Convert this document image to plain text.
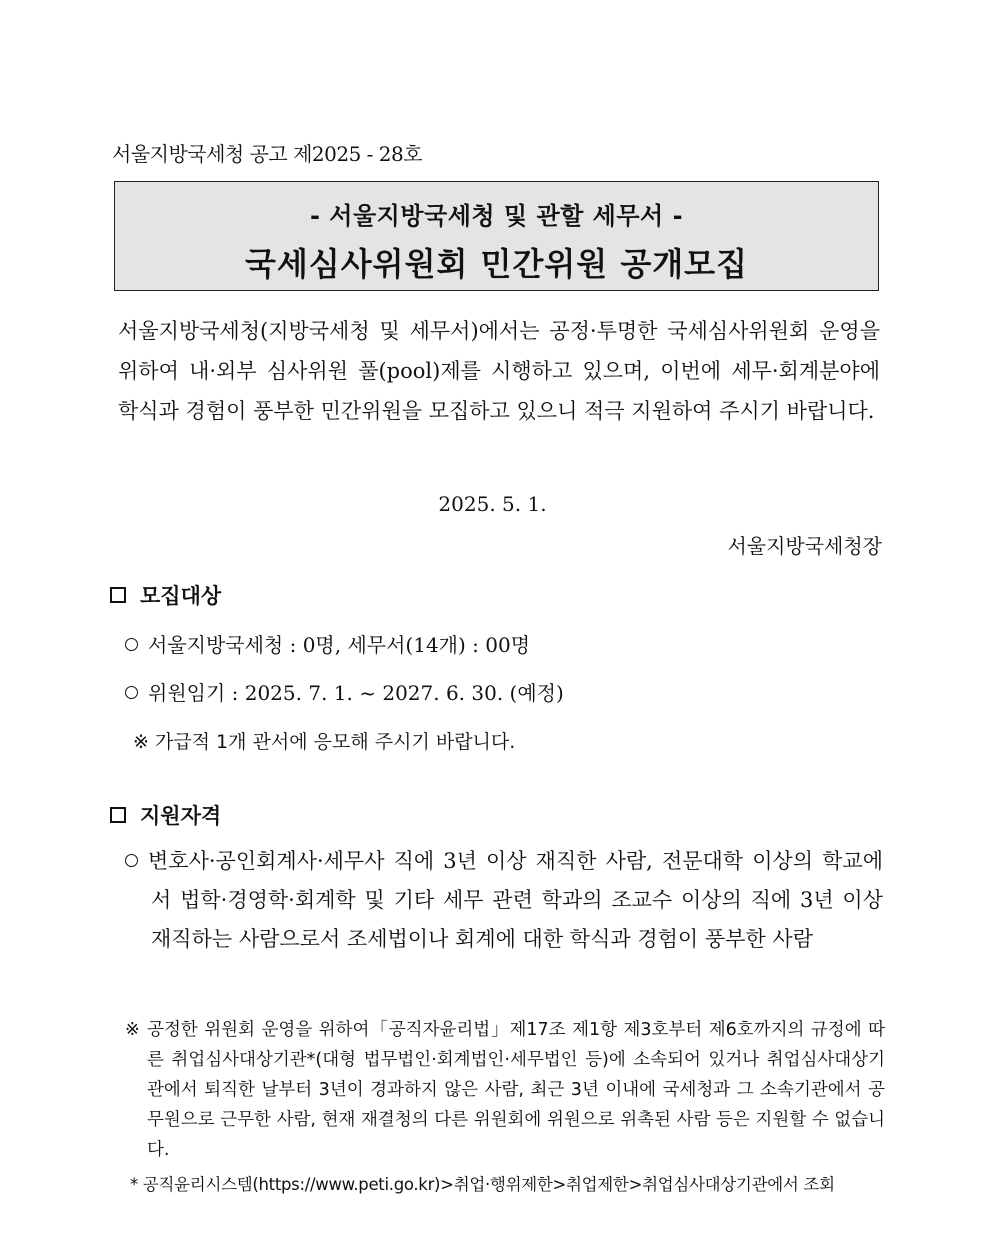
서울지방국세청 공고 제2025 - 28호
- 서울지방국세청 및 관할 세무서 -
국세심사위원회 민간위원 공개모집
서울지방국세청(지방국세청 및 세무서)에서는 공정·투명한 국세심사위원회 운영을 위하여 내·외부 심사위원 풀(pool)제를 시행하고 있으며, 이번에 세무·회계분야에 학식과 경험이 풍부한 민간위원을 모집하고 있으니 적극 지원하여 주시기 바랍니다.
2025. 5. 1.
서울지방국세청장
모집대상
서울지방국세청 : 0명, 세무서(14개) : 00명
위원임기 : 2025. 7. 1. ~ 2027. 6. 30. (예정)
※ 가급적 1개 관서에 응모해 주시기 바랍니다.
지원자격
변호사·공인회계사·세무사 직에 3년 이상 재직한 사람, 전문대학 이상의 학교에서 법학·경영학·회계학 및 기타 세무 관련 학과의 조교수 이상의 직에 3년 이상 재직하는 사람으로서 조세법이나 회계에 대한 학식과 경험이 풍부한 사람
※ 공정한 위원회 운영을 위하여「공직자윤리법」제17조 제1항 제3호부터 제6호까지의 규정에 따른 취업심사대상기관*(대형 법무법인·회계법인·세무법인 등)에 소속되어 있거나 취업심사대상기관에서 퇴직한 날부터 3년이 경과하지 않은 사람, 최근 3년 이내에 국세청과 그 소속기관에서 공무원으로 근무한 사람, 현재 재결청의 다른 위원회에 위원으로 위촉된 사람 등은 지원할 수 없습니다.
* 공직윤리시스템(https://www.peti.go.kr)>취업·행위제한>취업제한>취업심사대상기관에서 조회
